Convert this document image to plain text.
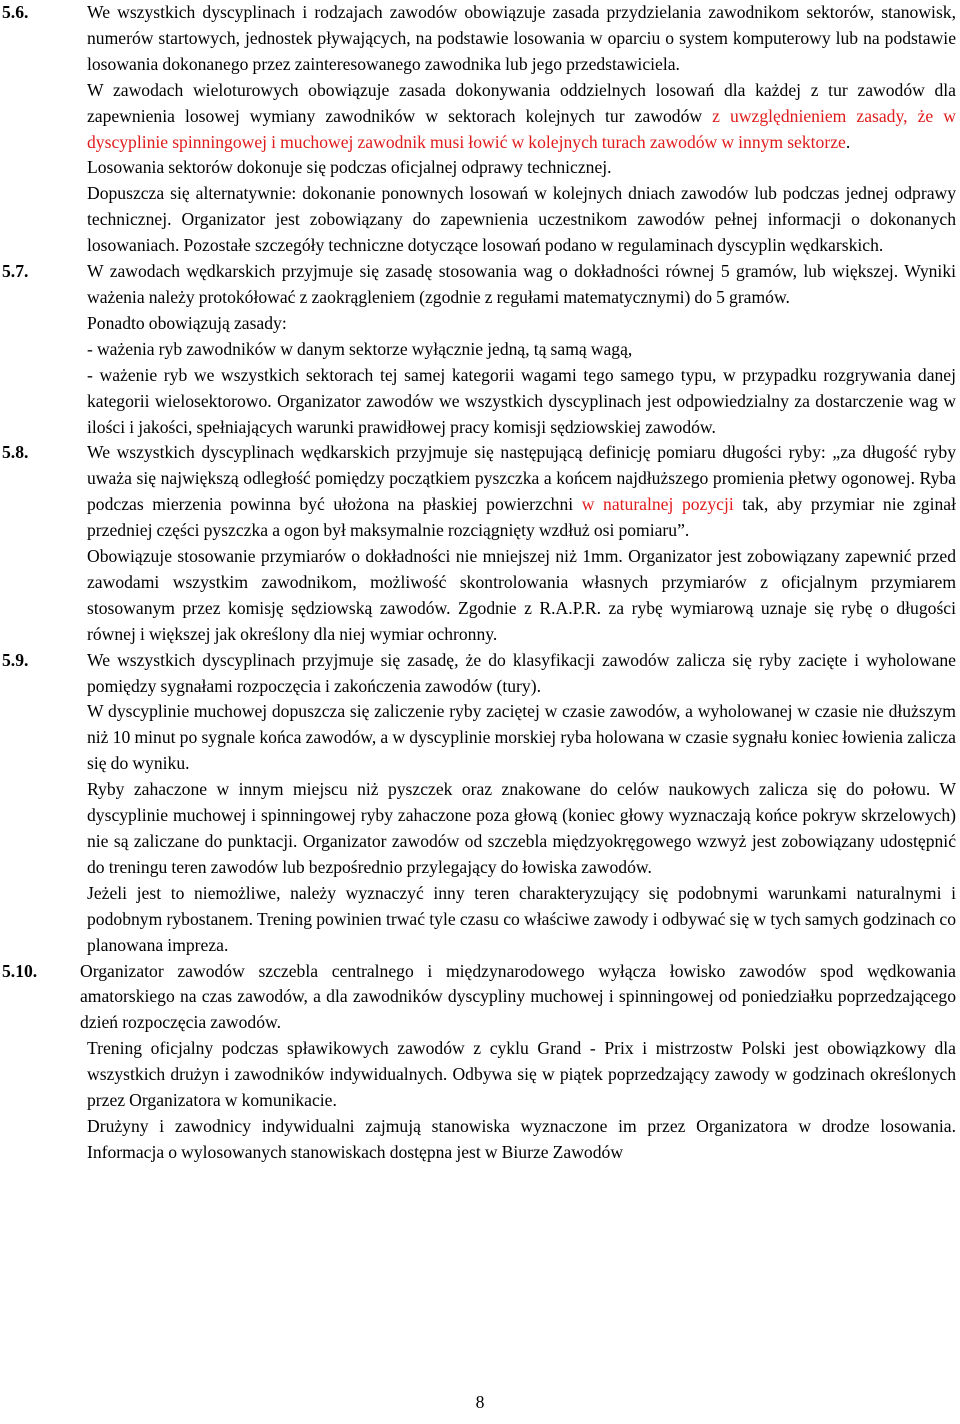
5.6.	We wszystkich dyscyplinach i rodzajach zawodów obowiązuje zasada przydzielania zawodnikom sektorów, stanowisk, numerów startowych, jednostek pływających, na podstawie losowania w oparciu o system komputerowy lub na podstawie losowania dokonanego przez zainteresowanego zawodnika lub jego przedstawiciela.

W zawodach wieloturowych obowiązuje zasada dokonywania oddzielnych losowań dla każdej z tur zawodów dla zapewnienia losowej wymiany zawodników w sektorach kolejnych tur zawodów z uwzględnieniem zasady, że w dyscyplinie spinningowej i muchowej zawodnik musi łowić w kolejnych turach zawodów w innym sektorze.

Losowania sektorów dokonuje się podczas oficjalnej odprawy technicznej.

Dopuszcza się alternatywnie: dokonanie ponownych losowań w kolejnych dniach zawodów lub podczas jednej odprawy technicznej. Organizator jest zobowiązany do zapewnienia uczestnikom zawodów pełnej informacji o dokonanych losowaniach. Pozostałe szczegóły techniczne dotyczące losowań podano w regulaminach dyscyplin wędkarskich.

5.7.	W zawodach wędkarskich przyjmuje się zasadę stosowania wag o dokładności równej 5 gramów, lub większej. Wyniki ważenia należy protokółować z zaokrągleniem (zgodnie z regułami matematycznymi) do 5 gramów.

Ponadto obowiązują zasady:

- ważenia ryb zawodników w danym sektorze wyłącznie jedną, tą samą wagą,

- ważenie ryb we wszystkich sektorach tej samej kategorii wagami tego samego typu, w przypadku rozgrywania danej kategorii wielosektorowo. Organizator zawodów we wszystkich dyscyplinach jest odpowiedzialny za dostarczenie wag w ilości i jakości, spełniających warunki prawidłowej pracy komisji sędziowskiej zawodów.

5.8.	We wszystkich dyscyplinach wędkarskich przyjmuje się następującą definicję pomiaru długości ryby: „za długość ryby uważa się największą odległość pomiędzy początkiem pyszczka a końcem najdłuższego promienia płetwy ogonowej. Ryba podczas mierzenia powinna być ułożona na płaskiej powierzchni w naturalnej pozycji tak, aby przymiar nie zginał przedniej części pyszczka a ogon był maksymalnie rozciągnięty wzdłuż osi pomiaru”.

Obowiązuje stosowanie przymiarów o dokładności nie mniejszej niż 1mm. Organizator jest zobowiązany zapewnić przed zawodami wszystkim zawodnikom, możliwość skontrolowania własnych przymiarów z oficjalnym przymiarem stosowanym przez komisję sędziowską zawodów. Zgodnie z R.A.P.R. za rybę wymiarową uznaje się rybę o długości równej i większej jak określony dla niej wymiar ochronny.

5.9.	We wszystkich dyscyplinach przyjmuje się zasadę, że do klasyfikacji zawodów zalicza się ryby zacięte i wyholowane pomiędzy sygnałami rozpoczęcia i zakończenia zawodów (tury).

W dyscyplinie muchowej dopuszcza się zaliczenie ryby zaciętej w czasie zawodów, a wyholowanej w czasie nie dłuższym niż 10 minut po sygnale końca zawodów, a w dyscyplinie morskiej ryba holowana w czasie sygnału koniec łowienia zalicza się do wyniku.

Ryby zahaczone w innym miejscu niż pyszczek oraz znakowane do celów naukowych zalicza się do połowu. W dyscyplinie muchowej i spinningowej ryby zahaczone poza głową (koniec głowy wyznaczają końce pokryw skrzelowych) nie są zaliczane do punktacji. Organizator zawodów od szczebla międzyokręgowego wzwyż jest zobowiązany udostępnić do treningu teren zawodów lub bezpośrednio przylegający do łowiska zawodów.

Jeżeli jest to niemożliwe, należy wyznaczyć inny teren charakteryzujący się podobnymi warunkami naturalnymi i podobnym rybostanem. Trening powinien trwać tyle czasu co właściwe zawody i odbywać się w tych samych godzinach co planowana impreza.

5.10. Organizator zawodów szczebla centralnego i międzynarodowego wyłącza łowisko zawodów spod wędkowania amatorskiego na czas zawodów, a dla zawodników dyscypliny muchowej i spinningowej od poniedziałku poprzedzającego dzień rozpoczęcia zawodów.

Trening oficjalny podczas spławikowych zawodów z cyklu Grand - Prix i mistrzostw Polski jest obowiązkowy dla wszystkich drużyn i zawodników indywidualnych. Odbywa się w piątek poprzedzający zawody w godzinach określonych przez Organizatora w komunikacie.

Drużyny i zawodnicy indywidualni zajmują stanowiska wyznaczone im przez Organizatora w drodze losowania. Informacja o wylosowanych stanowiskach dostępna jest w Biurze Zawodów

8
